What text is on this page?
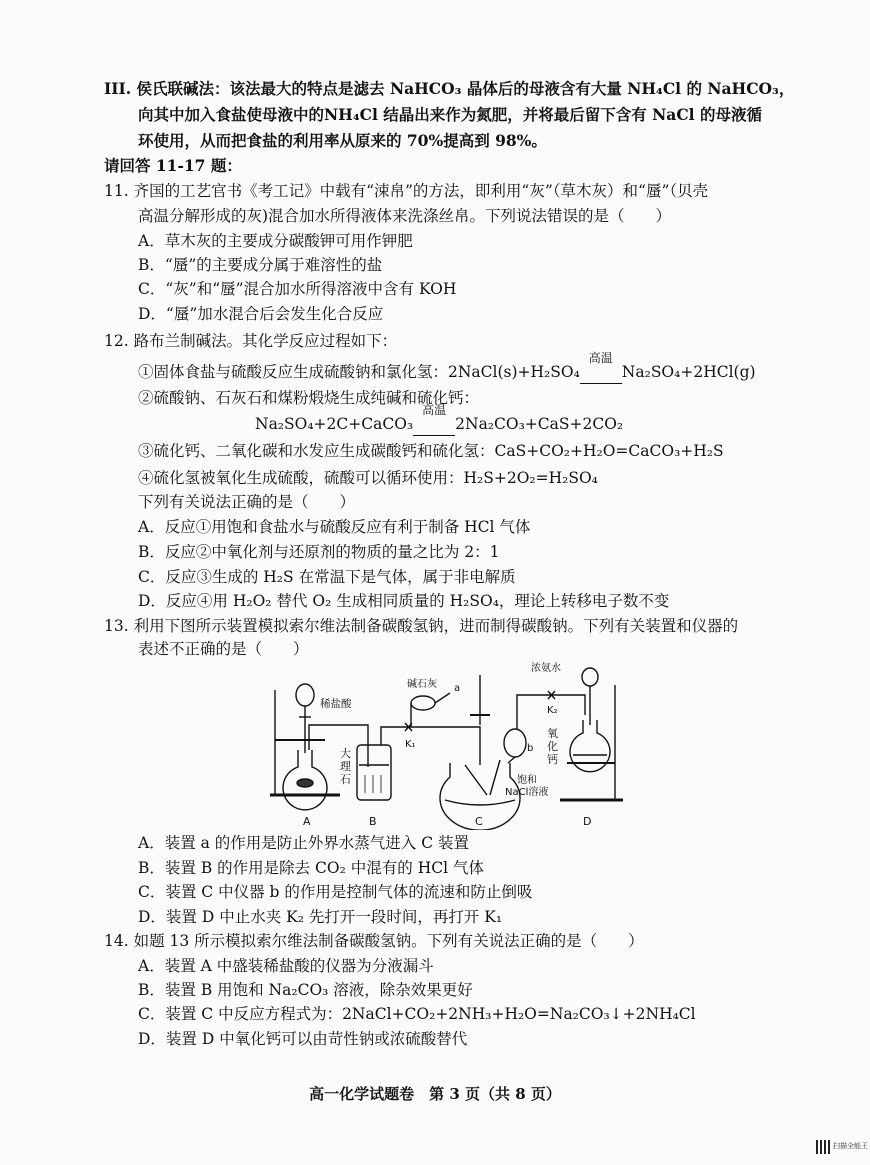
III. 侯氏联碱法：该法最大的特点是滤去 NaHCO₃ 晶体后的母液含有大量 NH₄Cl 的 NaHCO₃，
向其中加入食盐使母液中的NH₄Cl 结晶出来作为氮肥，并将最后留下含有 NaCl 的母液循
环使用，从而把食盐的利用率从原来的 70%提高到 98%。
请回答 11-17 题：
11. 齐国的工艺官书《考工记》中载有“涑帛”的方法，即利用“灰”（草木灰）和“蜃”（贝壳
高温分解形成的灰)混合加水所得液体来洗涤丝帛。下列说法错误的是（　　）
A．草木灰的主要成分碳酸钾可用作钾肥
B．“蜃”的主要成分属于难溶性的盐
C．“灰”和“蜃”混合加水所得溶液中含有 KOH
D．“蜃”加水混合后会发生化合反应
12. 路布兰制碱法。其化学反应过程如下：
①固体食盐与硫酸反应生成硫酸钠和氯化氢：2NaCl(s)+H₂SO₄
高温
Na₂SO₄+2HCl(g)
②硫酸钠、石灰石和煤粉煅烧生成纯碱和硫化钙：
Na₂SO₄+2C+CaCO₃
高温
2Na₂CO₃+CaS+2CO₂
③硫化钙、二氧化碳和水发应生成碳酸钙和硫化氢：CaS+CO₂+H₂O=CaCO₃+H₂S
④硫化氢被氧化生成硫酸，硫酸可以循环使用：H₂S+2O₂=H₂SO₄
下列有关说法正确的是（　　）
A．反应①用饱和食盐水与硫酸反应有利于制备 HCl 气体
B．反应②中氧化剂与还原剂的物质的量之比为 2：1
C．反应③生成的 H₂S 在常温下是气体，属于非电解质
D．反应④用 H₂O₂ 替代 O₂ 生成相同质量的 H₂SO₄，理论上转移电子数不变
13. 利用下图所示装置模拟索尔维法制备碳酸氢钠，进而制得碳酸钠。下列有关装置和仪器的
表述不正确的是（　　）
稀盐酸
大
理
石
K₁
碱石灰 a
b
饱和
NaCl溶液
K₂
浓氨水
氧
化
钙
A	B	C	D
A．装置 a 的作用是防止外界水蒸气进入 C 装置
B．装置 B 的作用是除去 CO₂ 中混有的 HCl 气体
C．装置 C 中仪器 b 的作用是控制气体的流速和防止倒吸
D．装置 D 中止水夹 K₂ 先打开一段时间，再打开 K₁
14. 如题 13 所示模拟索尔维法制备碳酸氢钠。下列有关说法正确的是（　　）
A．装置 A 中盛装稀盐酸的仪器为分液漏斗
B．装置 B 用饱和 Na₂CO₃ 溶液，除杂效果更好
C．装置 C 中反应方程式为：2NaCl+CO₂+2NH₃+H₂O=Na₂CO₃↓+2NH₄Cl
D．装置 D 中氧化钙可以由苛性钠或浓硫酸替代
高一化学试题卷　第 3 页（共 8 页）
扫描全能王
